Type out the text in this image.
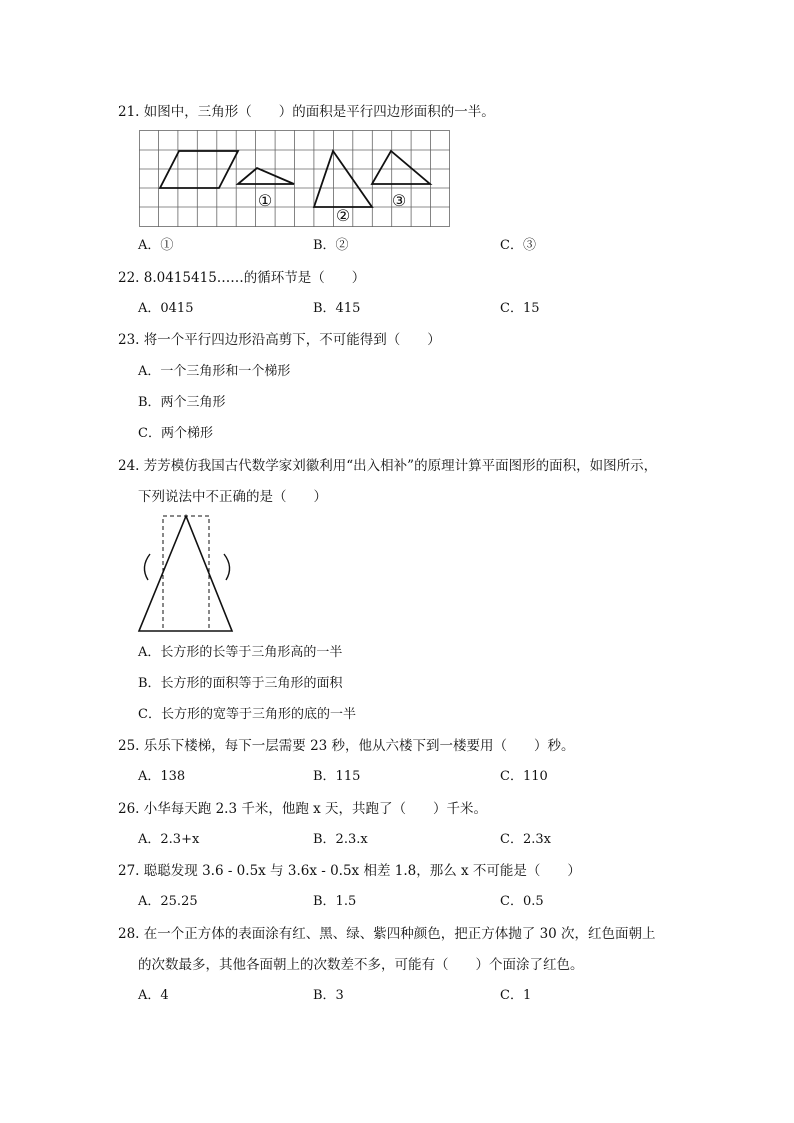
21. 如图中，三角形（　　）的面积是平行四边形面积的一半。
①
②
③
A．①	B．②	C．③
22. 8.0415415……的循环节是（　　）
A．0415	B．415	C．15
23. 将一个平行四边形沿高剪下，不可能得到（　　）
A．一个三角形和一个梯形
B．两个三角形
C．两个梯形
24. 芳芳模仿我国古代数学家刘徽利用“出入相补”的原理计算平面图形的面积，如图所示，
下列说法中不正确的是（　　）
A．长方形的长等于三角形高的一半
B．长方形的面积等于三角形的面积
C．长方形的宽等于三角形的底的一半
25. 乐乐下楼梯，每下一层需要 23 秒，他从六楼下到一楼要用（　　）秒。
A．138	B．115	C．110
26. 小华每天跑 2.3 千米，他跑 x 天，共跑了（　　）千米。
A．2.3+x	B．2.3.x	C．2.3x
27. 聪聪发现 3.6 - 0.5x 与 3.6x - 0.5x 相差 1.8，那么 x 不可能是（　　）
A．25.25	B．1.5	C．0.5
28. 在一个正方体的表面涂有红、黑、绿、紫四种颜色，把正方体抛了 30 次，红色面朝上
的次数最多，其他各面朝上的次数差不多，可能有（　　）个面涂了红色。
A．4	B．3	C．1
